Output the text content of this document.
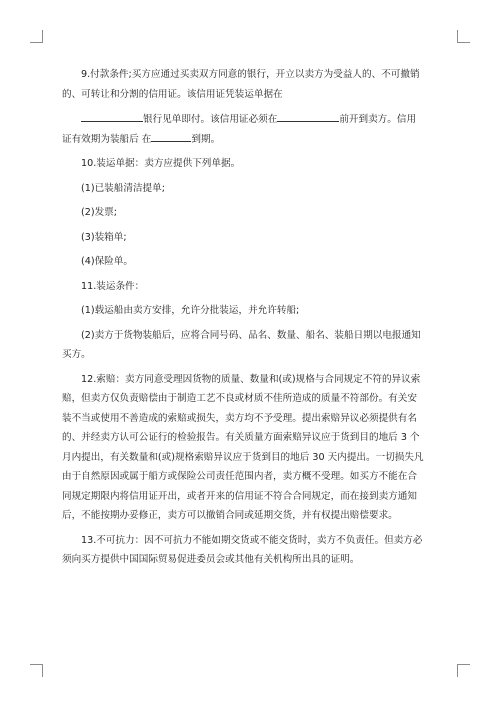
9.付款条件;买方应通过买卖双方同意的银行，开立以卖方为受益人的、不可撤销

的、可转让和分割的信用证。该信用证凭装运单据在

银行见单即付。该信用证必须在	前开到卖方。信用

证有效期为装船后 在	到期。

10.装运单据：卖方应提供下列单据。

(1)已装船清洁提单;

(2)发票;

(3)装箱单;

(4)保险单。

11.装运条件：

(1)载运船由卖方安排，允许分批装运，并允许转船;

(2)卖方于货物装船后，应将合同号码、品名、数量、船名、装船日期以电报通知

买方。

12.索赔：卖方同意受理因货物的质量、数量和(或)规格与合同规定不符的异议索

赔，但卖方仅负责赔偿由于制造工艺不良或材质不佳所造成的质量不符部份。有关安

装不当或使用不善造成的索赔或损失，卖方均不予受理。提出索赔异议必须提供有名

的、并经卖方认可公证行的检验报告。有关质量方面索赔异议应于货到目的地后 3 个

月内提出，有关数量和(或)规格索赔异议应于货到目的地后 30 天内提出。一切损失凡

由于自然原因或属于船方或保险公司责任范围内者，卖方概不受理。如买方不能在合

同规定期限内将信用证开出，或者开来的信用证不符合合同规定，而在接到卖方通知

后，不能按期办妥修正，卖方可以撤销合同或延期交货，并有权提出赔偿要求。

13.不可抗力：因不可抗力不能如期交货或不能交货时，卖方不负责任。但卖方必

须向买方提供中国国际贸易促进委员会或其他有关机构所出具的证明。
